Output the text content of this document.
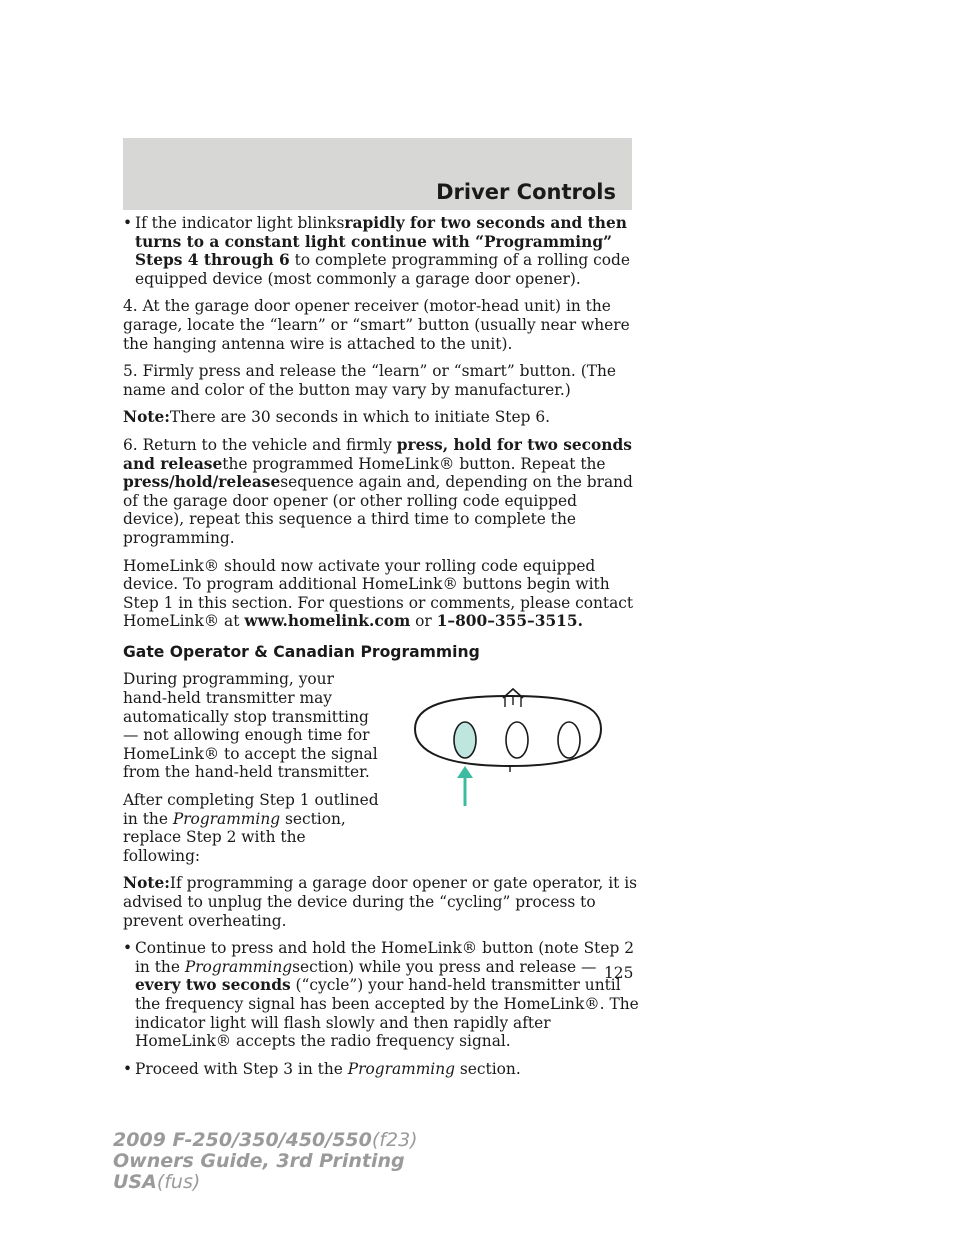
Driver Controls
• If the indicator light blinksrapidly for two seconds and then turns to a constant light continue with “Programming” Steps 4 through 6 to complete programming of a rolling code equipped device (most commonly a garage door opener).

4. At the garage door opener receiver (motor-head unit) in the garage, locate the “learn” or “smart” button (usually near where the hanging antenna wire is attached to the unit).

5. Firmly press and release the “learn” or “smart” button. (The name and color of the button may vary by manufacturer.)

Note:There are 30 seconds in which to initiate Step 6.

6. Return to the vehicle and firmly press, hold for two seconds and releasethe programmed HomeLink® button. Repeat the press/hold/releasesequence again and, depending on the brand of the garage door opener (or other rolling code equipped device), repeat this sequence a third time to complete the programming.

HomeLink® should now activate your rolling code equipped device. To program additional HomeLink® buttons begin with Step 1 in this section. For questions or comments, please contact HomeLink® at www.homelink.com or 1–800–355–3515.

Gate Operator & Canadian Programming

During programming, your hand-held transmitter may automatically stop transmitting — not allowing enough time for HomeLink® to accept the signal from the hand-held transmitter.

After completing Step 1 outlined in the Programming section, replace Step 2 with the following:

Note:If programming a garage door opener or gate operator, it is advised to unplug the device during the “cycling” process to prevent overheating.

• Continue to press and hold the HomeLink® button (note Step 2 in the Programmingsection) while you press and release — every two seconds (“cycle”) your hand-held transmitter until the frequency signal has been accepted by the HomeLink®. The indicator light will flash slowly and then rapidly after HomeLink® accepts the radio frequency signal.
• Proceed with Step 3 in the Programming section.
125
2009 F-250/350/450/550(f23)
Owners Guide, 3rd Printing
USA(fus)
